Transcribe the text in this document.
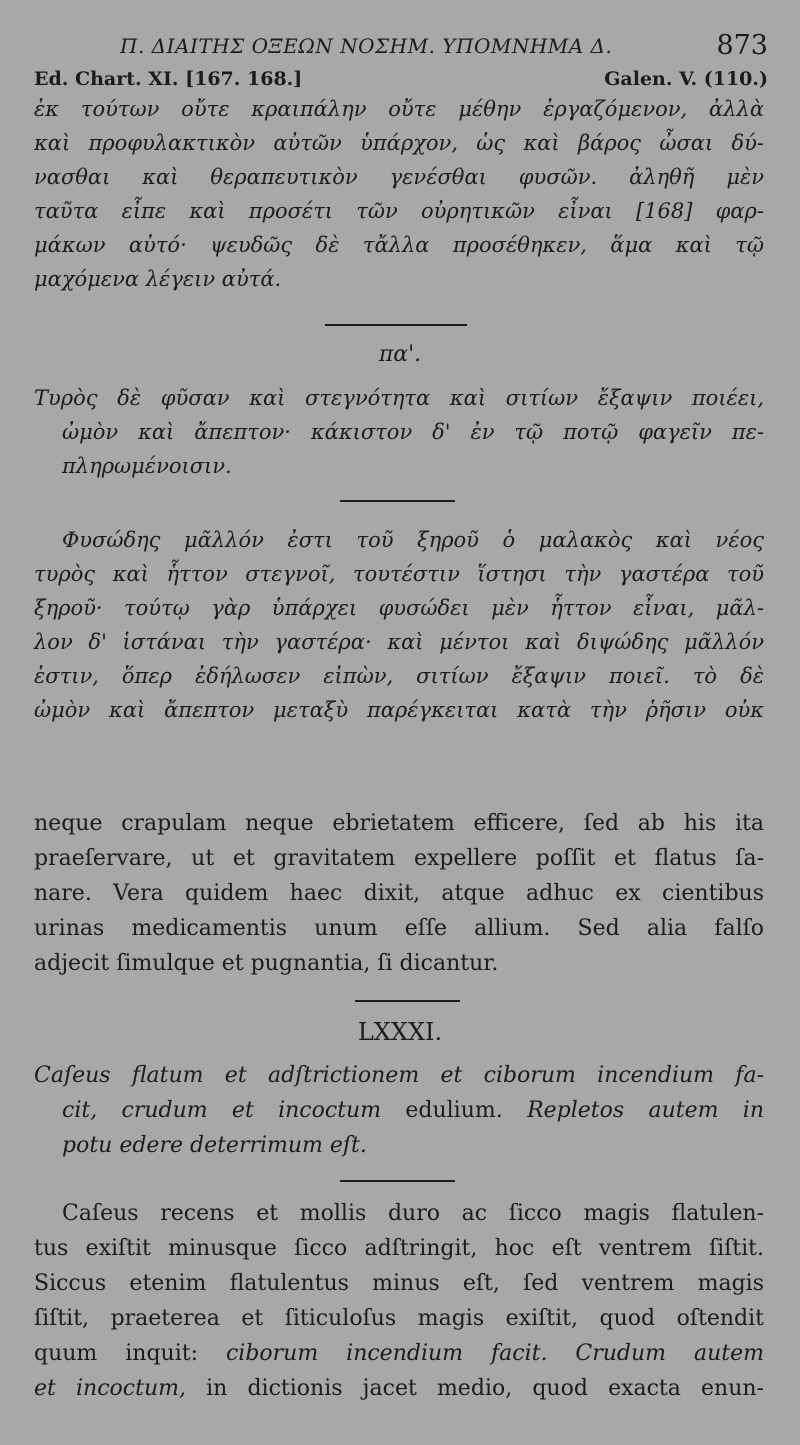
Π. ΔΙΑΙΤΗΣ ΟΞΕΩΝ ΝΟΣΗΜ. ΥΠΟΜΝΗΜΑ Δ.	873
Ed. Chart. XI. [167. 168.]	Galen. V. (110.)
ἐκ τούτων οὔτε κραιπάλην οὔτε μέθην ἐργαζόμενον, ἀλλὰ
καὶ προφυλακτικὸν αὐτῶν ὑπάρχον, ὡς καὶ βάρος ὦσαι δύ-
νασθαι καὶ θεραπευτικὸν γενέσθαι φυσῶν. ἀληθῆ μὲν
ταῦτα εἶπε καὶ προσέτι τῶν οὐρητικῶν εἶναι [168] φαρ-
μάκων αὐτό· ψευδῶς δὲ τἄλλα προσέθηκεν, ἅμα καὶ τῷ
μαχόμενα λέγειν αὐτά.
πα'.
Τυρὸς δὲ φῦσαν καὶ στεγνότητα καὶ σιτίων ἔξαψιν ποιέει,
ὠμὸν καὶ ἄπεπτον· κάκιστον δ' ἐν τῷ ποτῷ φαγεῖν πε-
πληρωμένοισιν.
Φυσώδης μᾶλλόν ἐστι τοῦ ξηροῦ ὁ μαλακὸς καὶ νέος
τυρὸς καὶ ἧττον στεγνοῖ, τουτέστιν ἵστησι τὴν γαστέρα τοῦ
ξηροῦ· τούτῳ γὰρ ὑπάρχει φυσώδει μὲν ἧττον εἶναι, μᾶλ-
λον δ' ἱστάναι τὴν γαστέρα· καὶ μέντοι καὶ διψώδης μᾶλλόν
ἐστιν, ὅπερ ἐδήλωσεν εἰπὼν, σιτίων ἔξαψιν ποιεῖ. τὸ δὲ
ὠμὸν καὶ ἄπεπτον μεταξὺ παρέγκειται κατὰ τὴν ῥῆσιν οὐκ
neque crapulam neque ebrietatem efficere, ſed ab his ita
praeſervare, ut et gravitatem expellere poſſit et flatus ſa-
nare. Vera quidem haec dixit, atque adhuc ex cientibus
urinas medicamentis unum eſſe allium. Sed alia falſo
adjecit ſimulque et pugnantia, ſi dicantur.
LXXXI.
Caſeus flatum et adſtrictionem et ciborum incendium fa-
cit, crudum et incoctum edulium. Repletos autem in
potu edere deterrimum eſt.
Caſeus recens et mollis duro ac ſicco magis flatulen-
tus exiſtit minusque ſicco adſtringit, hoc eſt ventrem ſiſtit.
Siccus etenim flatulentus minus eſt, ſed ventrem magis
ſiſtit, praeterea et ſiticuloſus magis exiſtit, quod oſtendit
quum inquit: ciborum incendium facit. Crudum autem
et incoctum, in dictionis jacet medio, quod exacta enun-
